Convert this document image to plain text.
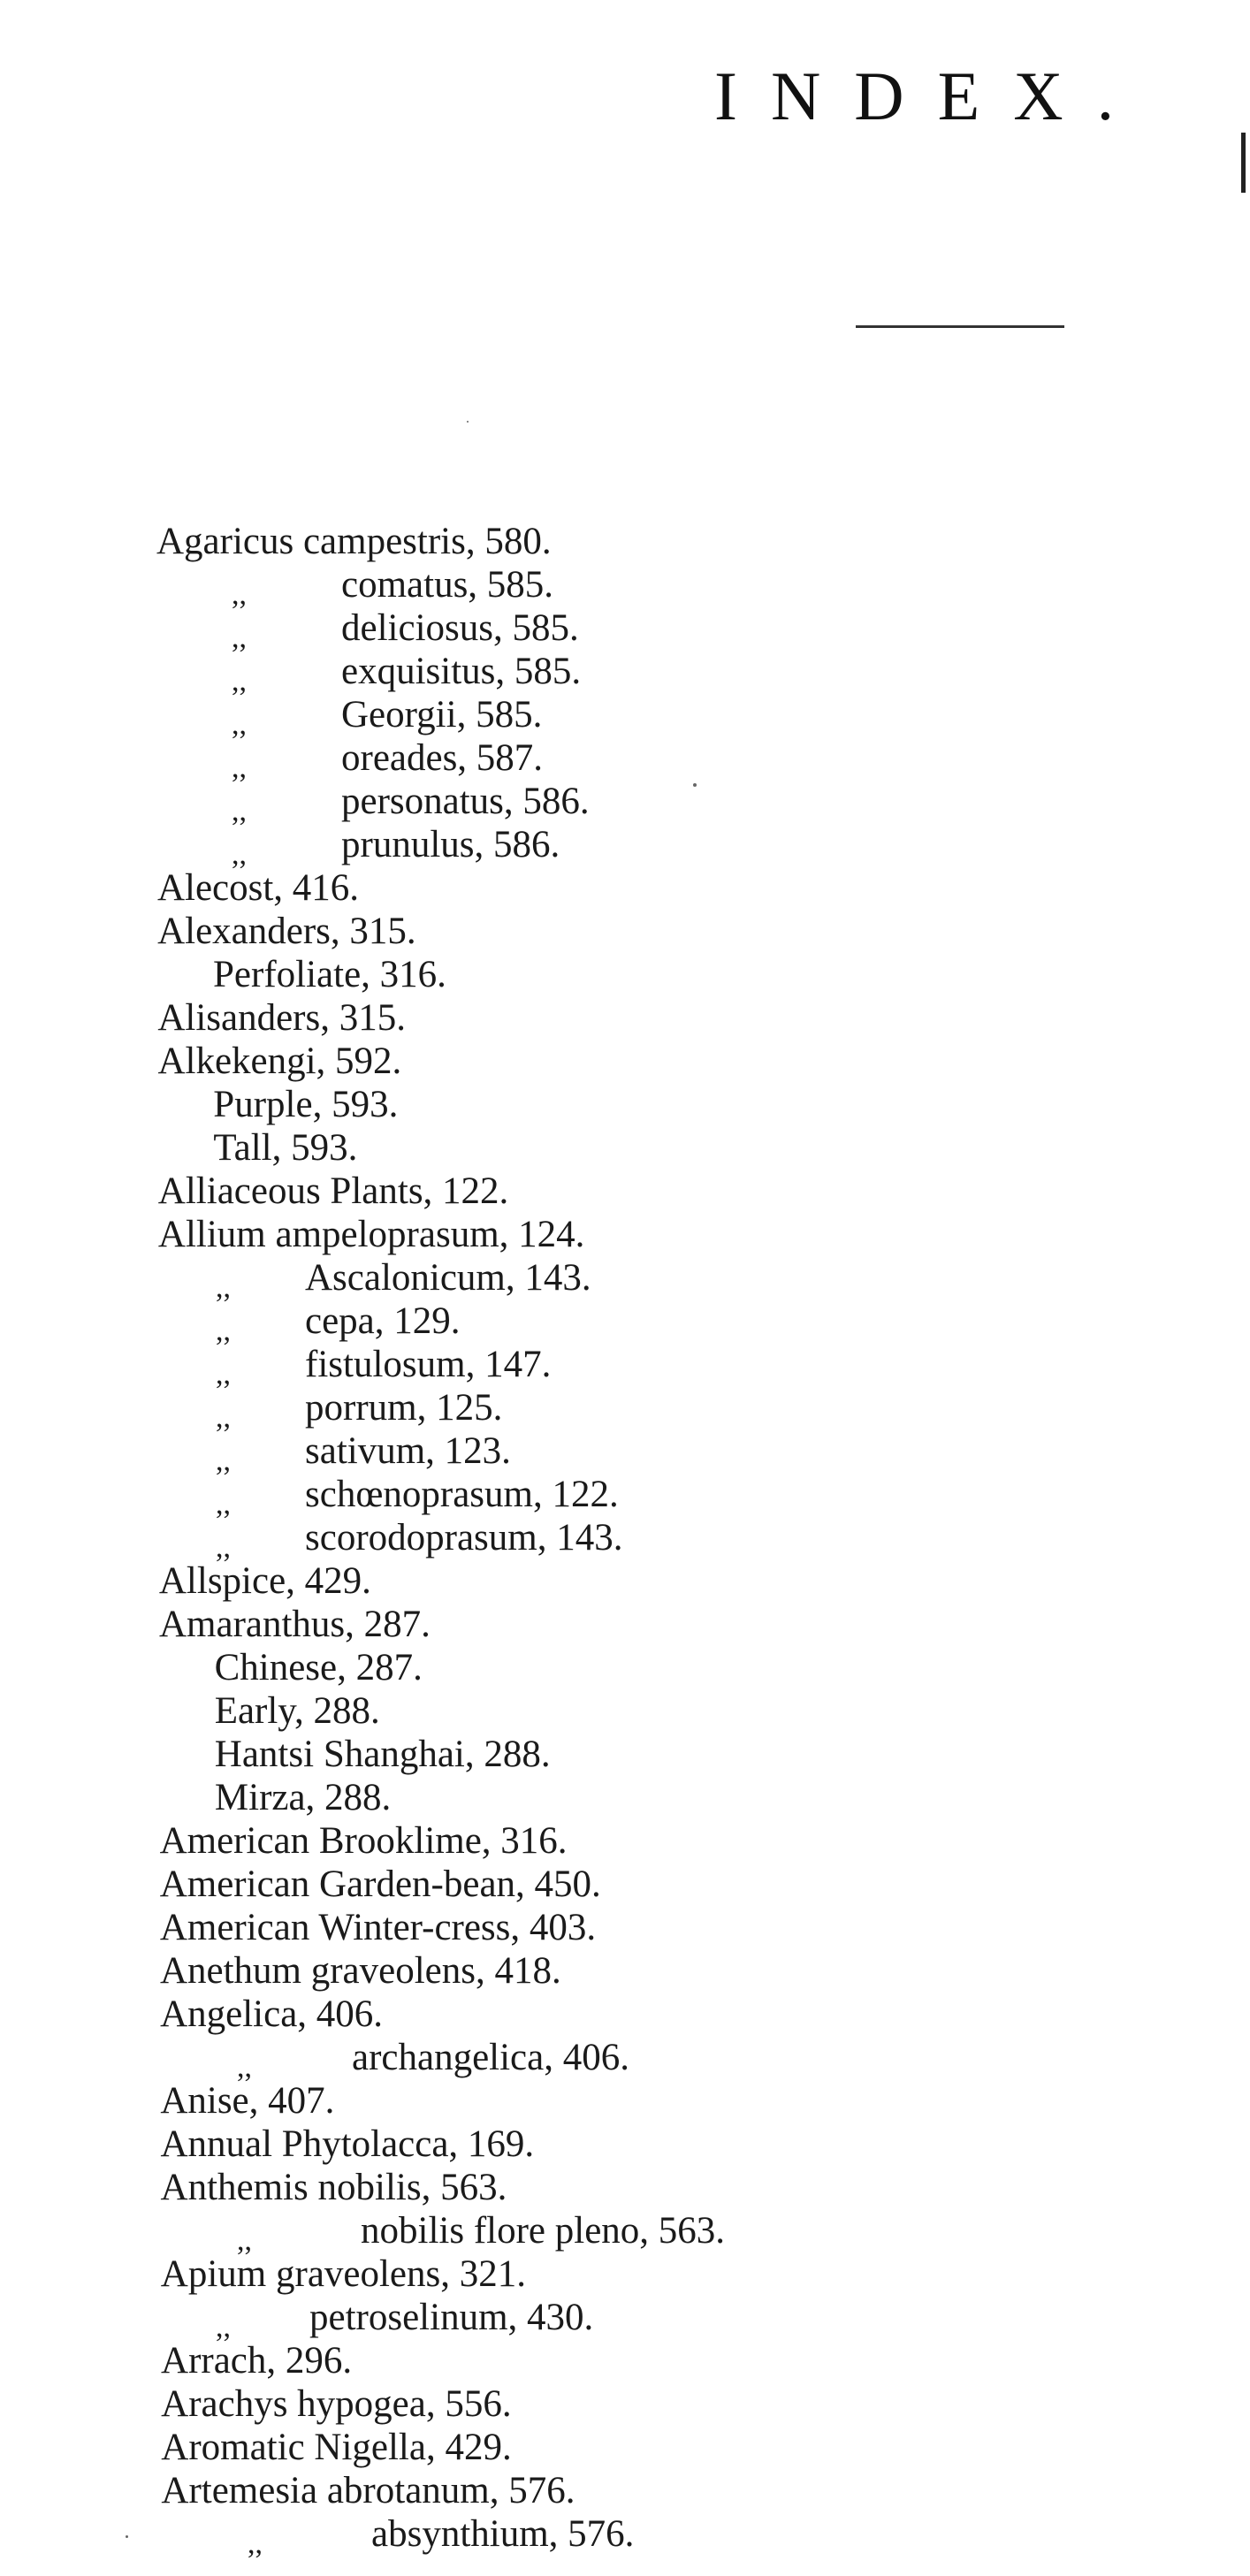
INDEX.
Agaricus campestris, 580.
,, comatus, 585.
,, deliciosus, 585.
,, exquisitus, 585.
,, Georgii, 585.
,, oreades, 587.
,, personatus, 586.
,, prunulus, 586.
Alecost, 416.
Alexanders, 315.
Perfoliate, 316.
Alisanders, 315.
Alkekengi, 592.
Purple, 593.
Tall, 593.
Alliaceous Plants, 122.
Allium ampeloprasum, 124.
,, Ascalonicum, 143.
,, cepa, 129.
,, fistulosum, 147.
,, porrum, 125.
,, sativum, 123.
,, schœnoprasum, 122.
,, scorodoprasum, 143.
Allspice, 429.
Amaranthus, 287.
Chinese, 287.
Early, 288.
Hantsi Shanghai, 288.
Mirza, 288.
American Brooklime, 316.
American Garden-bean, 450.
American Winter-cress, 403.
Anethum graveolens, 418.
Angelica, 406.
,,	archangelica, 406.
Anise, 407.
Annual Phytolacca, 169.
Anthemis nobilis, 563.
,,	nobilis flore pleno, 563.
Apium graveolens, 321.
,, petroselinum, 430.
Arrach, 296.
Arachys hypogea, 556.
Aromatic Nigella, 429.
Artemesia abrotanum, 576.
,,	absynthium, 576.
